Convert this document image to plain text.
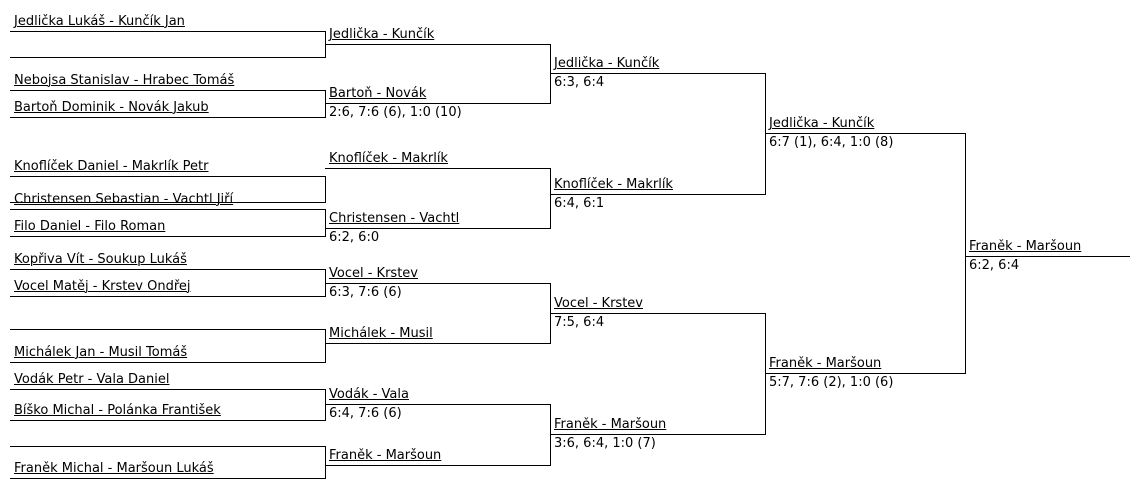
Jedlička Lukáš - Kunčík Jan
Nebojsa Stanislav - Hrabec Tomáš
Bartoň Dominik - Novák Jakub
Knoflíček Daniel - Makrlík Petr
Christensen Sebastian - Vachtl Jiří
Filo Daniel - Filo Roman
Kopřiva Vít - Soukup Lukáš
Vocel Matěj - Krstev Ondřej
Michálek Jan - Musil Tomáš
Vodák Petr - Vala Daniel
Bíško Michal - Polánka František
Franěk Michal - Maršoun Lukáš
Jedlička - Kunčík
Bartoň - Novák
2:6, 7:6 (6), 1:0 (10)
Knoflíček - Makrlík
Christensen - Vachtl
6:2, 6:0
Vocel - Krstev
6:3, 7:6 (6)
Michálek - Musil
Vodák - Vala
6:4, 7:6 (6)
Franěk - Maršoun
Jedlička - Kunčík
6:3, 6:4
Knoflíček - Makrlík
6:4, 6:1
Vocel - Krstev
7:5, 6:4
Franěk - Maršoun
3:6, 6:4, 1:0 (7)
Jedlička - Kunčík
6:7 (1), 6:4, 1:0 (8)
Franěk - Maršoun
5:7, 7:6 (2), 1:0 (6)
Franěk - Maršoun
6:2, 6:4
